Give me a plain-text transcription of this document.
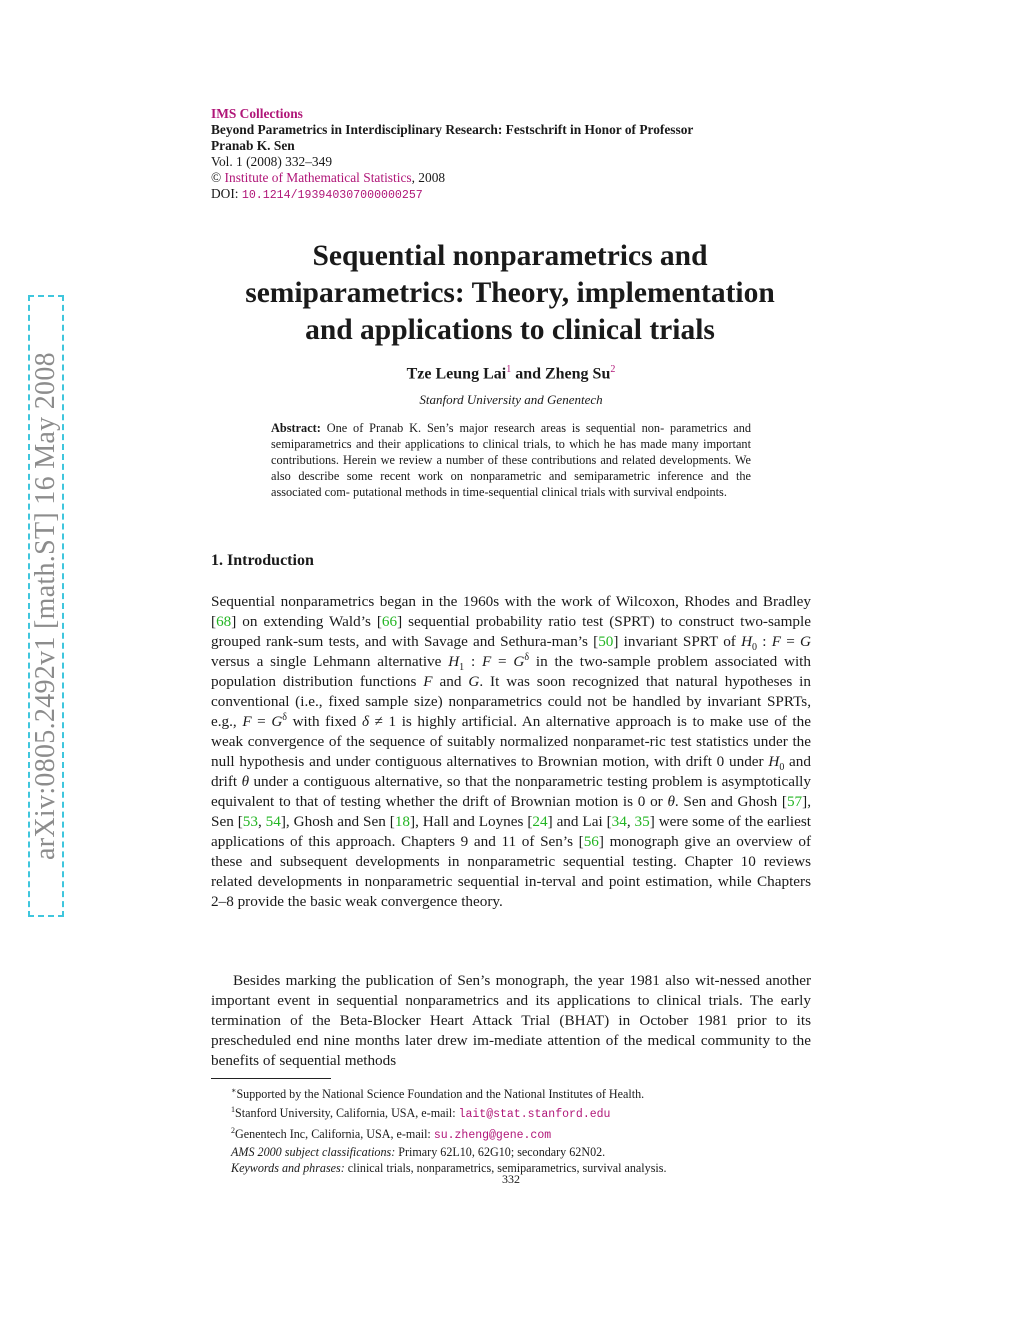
arXiv:0805.2492v1 [math.ST] 16 May 2008
IMS Collections
Beyond Parametrics in Interdisciplinary Research: Festschrift in Honor of Professor
Pranab K. Sen
Vol. 1 (2008) 332–349
© Institute of Mathematical Statistics, 2008
DOI: 10.1214/193940307000000257
Sequential nonparametrics and
semiparametrics: Theory, implementation
and applications to clinical trials
Tze Leung Lai$^1$ and Zheng Su$^2$
Stanford University and Genentech
Abstract: One of Pranab K. Sen’s major research areas is sequential non- parametrics and semiparametrics and their applications to clinical trials, to which he has made many important contributions. Herein we review a number of these contributions and related developments. We also describe some recent work on nonparametric and semiparametric inference and the associated com- putational methods in time-sequential clinical trials with survival endpoints.
1. Introduction
Sequential nonparametrics began in the 1960s with the work of Wilcoxon, Rhodes and Bradley [68] on extending Wald’s [66] sequential probability ratio test (SPRT) to construct two-sample grouped rank-sum tests, and with Savage and Sethura-man’s [50] invariant SPRT of $H_0$ : F = G versus a single Lehmann alternative $H_1$ : $F = G^\delta$ in the two-sample problem associated with population distribution functions F and G. It was soon recognized that natural hypotheses in conventional (i.e., fixed sample size) nonparametrics could not be handled by invariant SPRTs, e.g., $F = G^\delta$ with fixed δ ≠ 1 is highly artificial. An alternative approach is to make use of the weak convergence of the sequence of suitably normalized nonparamet-ric test statistics under the null hypothesis and under contiguous alternatives to Brownian motion, with drift 0 under $H_0$ and drift θ under a contiguous alternative, so that the nonparametric testing problem is asymptotically equivalent to that of testing whether the drift of Brownian motion is 0 or θ. Sen and Ghosh [57], Sen [53, 54], Ghosh and Sen [18], Hall and Loynes [24] and Lai [34, 35] were some of the earliest applications of this approach. Chapters 9 and 11 of Sen’s [56] monograph give an overview of these and subsequent developments in nonparametric sequential testing. Chapter 10 reviews related developments in nonparametric sequential in-terval and point estimation, while Chapters 2–8 provide the basic weak convergence theory.
Besides marking the publication of Sen’s monograph, the year 1981 also wit-nessed another important event in sequential nonparametrics and its applications to clinical trials. The early termination of the Beta-Blocker Heart Attack Trial (BHAT) in October 1981 prior to its prescheduled end nine months later drew im-mediate attention of the medical community to the benefits of sequential methods
∗Supported by the National Science Foundation and the National Institutes of Health.
$^1$Stanford University, California, USA, e-mail: lait@stat.stanford.edu
$^2$Genentech Inc, California, USA, e-mail: su.zheng@gene.com
AMS 2000 subject classifications: Primary 62L10, 62G10; secondary 62N02.
Keywords and phrases: clinical trials, nonparametrics, semiparametrics, survival analysis.
332
